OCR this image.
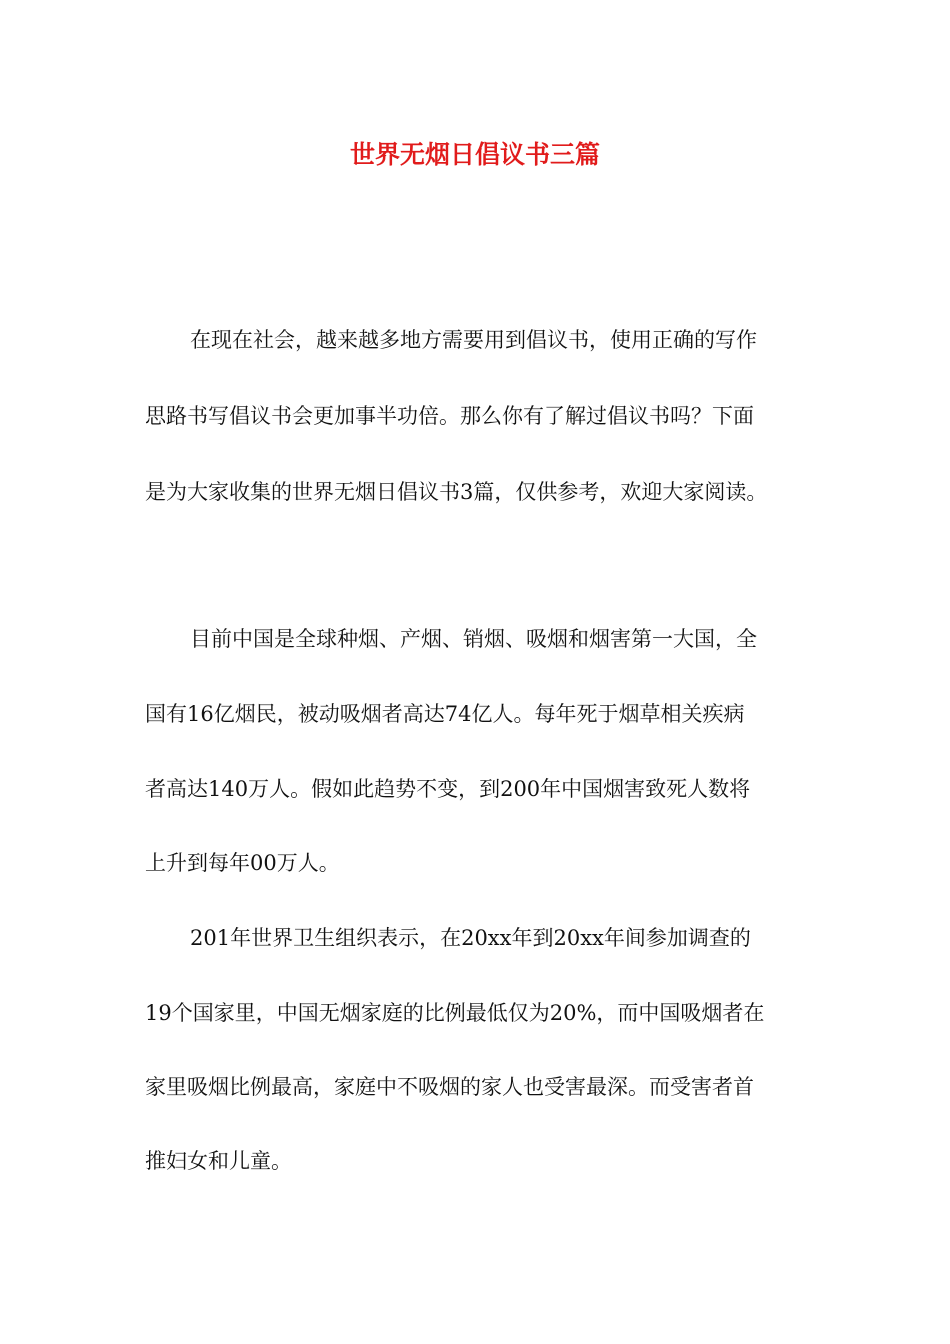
世界无烟日倡议书三篇
在现在社会，越来越多地方需要用到倡议书，使用正确的写作
思路书写倡议书会更加事半功倍。那么你有了解过倡议书吗？下面
是为大家收集的世界无烟日倡议书3篇，仅供参考，欢迎大家阅读。
目前中国是全球种烟、产烟、销烟、吸烟和烟害第一大国，全
国有16亿烟民，被动吸烟者高达74亿人。每年死于烟草相关疾病
者高达140万人。假如此趋势不变，到200年中国烟害致死人数将
上升到每年00万人。
201年世界卫生组织表示，在20xx年到20xx年间参加调查的
19个国家里，中国无烟家庭的比例最低仅为20%，而中国吸烟者在
家里吸烟比例最高，家庭中不吸烟的家人也受害最深。而受害者首
推妇女和儿童。
